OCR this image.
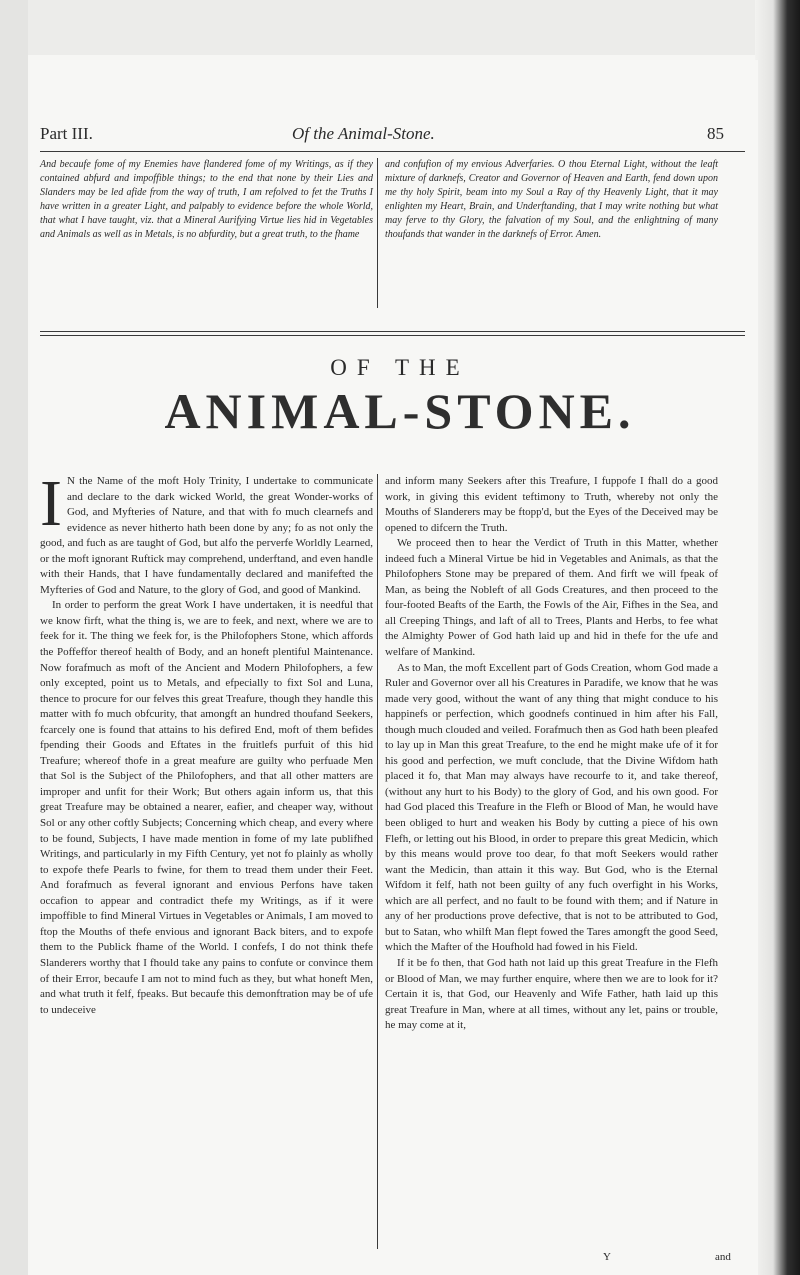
Part III.	Of the Animal-Stone.	85
And becaufe fome of my Enemies have flandered fome of my Writings, as if they contained abfurd and impoffible things; to the end that none by their Lies and Slanders may be led afide from the way of truth, I am refolved to fet the Truths I have written in a greater Light, and palpably to evidence before the whole World, that what I have taught, viz. that a Mineral Aurifying Virtue lies hid in Vegetables and Animals as well as in Metals, is no abfurdity, but a great truth, to the fhame
and confufion of my envious Adverfaries. O thou Eternal Light, without the leaft mixture of darknefs, Creator and Governor of Heaven and Earth, fend down upon me thy holy Spirit, beam into my Soul a Ray of thy Heavenly Light, that it may enlighten my Heart, Brain, and Underftanding, that I may write nothing but what may ferve to thy Glory, the falvation of my Soul, and the enlightning of many thoufands that wander in the darknefs of Error. Amen.
OF THE
ANIMAL-STONE.

I N the Name of the moft Holy Trinity, I undertake to communicate and declare to the dark wicked World, the great Wonder-works of God, and Myfteries of Nature, and that with fo much clearnefs and evidence as never hitherto hath been done by any; fo as not only the good, and fuch as are taught of God, but alfo the perverfe Worldly Learned, or the moft ignorant Ruftick may comprehend, underftand, and even handle with their Hands, that I have fundamentally declared and manifefted the Myfteries of God and Nature, to the glory of God, and good of Mankind.

In order to perform the great Work I have undertaken, it is needful that we know firft, what the thing is, we are to feek, and next, where we are to feek for it. The thing we feek for, is the Philofophers Stone, which affords the Poffeffor thereof health of Body, and an honeft plentiful Maintenance. Now forafmuch as moft of the Ancient and Modern Philofophers, a few only excepted, point us to Metals, and efpecially to fixt Sol and Luna, thence to procure for our felves this great Treafure, though they handle this matter with fo much obfcurity, that amongft an hundred thoufand Seekers, fcarcely one is found that attains to his defired End, moft of them befides fpending their Goods and Eftates in the fruitlefs purfuit of this hid Treafure; whereof thofe in a great meafure are guilty who perfuade Men that Sol is the Subject of the Philofophers, and that all other matters are improper and unfit for their Work; But others again inform us, that this great Treafure may be obtained a nearer, eafier, and cheaper way, without Sol or any other coftly Subjects; Concerning which cheap, and every where to be found, Subjects, I have made mention in fome of my late publifhed Writings, and particularly in my Fifth Century, yet not fo plainly as wholly to expofe thefe Pearls to fwine, for them to tread them under their Feet. And forafmuch as feveral ignorant and envious Perfons have taken occafion to appear and contradict thefe my Writings, as if it were impoffible to find Mineral Virtues in Vegetables or Animals, I am moved to ftop the Mouths of thefe envious and ignorant Back biters, and to expofe them to the Publick fhame of the World. I confefs, I do not think thefe Slanderers worthy that I fhould take any pains to confute or convince them of their Error, becaufe I am not to mind fuch as they, but what honeft Men, and what truth it felf, fpeaks. But becaufe this demonftration may be of ufe to undeceive

and inform many Seekers after this Treafure, I fuppofe I fhall do a good work, in giving this evident teftimony to Truth, whereby not only the Mouths of Slanderers may be ftopp'd, but the Eyes of the Deceived may be opened to difcern the Truth.

We proceed then to hear the Verdict of Truth in this Matter, whether indeed fuch a Mineral Virtue be hid in Vegetables and Animals, as that the Philofophers Stone may be prepared of them. And firft we will fpeak of Man, as being the Nobleft of all Gods Creatures, and then proceed to the four-footed Beafts of the Earth, the Fowls of the Air, Fifhes in the Sea, and all Creeping Things, and laft of all to Trees, Plants and Herbs, to fee what the Almighty Power of God hath laid up and hid in thefe for the ufe and welfare of Mankind.

As to Man, the moft Excellent part of Gods Creation, whom God made a Ruler and Governor over all his Creatures in Paradife, we know that he was made very good, without the want of any thing that might conduce to his happinefs or perfection, which goodnefs continued in him after his Fall, though much clouded and veiled. Forafmuch then as God hath been pleafed to lay up in Man this great Treafure, to the end he might make ufe of it for his good and perfection, we muft conclude, that the Divine Wifdom hath placed it fo, that Man may always have recourfe to it, and take thereof, (without any hurt to his Body) to the glory of God, and his own good. For had God placed this Treafure in the Flefh or Blood of Man, he would have been obliged to hurt and weaken his Body by cutting a piece of his own Flefh, or letting out his Blood, in order to prepare this great Medicin, which by this means would prove too dear, fo that moft Seekers would rather want the Medicin, than attain it this way. But God, who is the Eternal Wifdom it felf, hath not been guilty of any fuch overfight in his Works, which are all perfect, and no fault to be found with them; and if Nature in any of her productions prove defective, that is not to be attributed to God, but to Satan, who whilft Man flept fowed the Tares amongft the good Seed, which the Mafter of the Houfhold had fowed in his Field.

If it be fo then, that God hath not laid up this great Treafure in the Flefh or Blood of Man, we may further enquire, where then we are to look for it? Certain it is, that God, our Heavenly and Wife Father, hath laid up this great Treafure in Man, where at all times, without any let, pains or trouble, he may come at it,

Y	and
